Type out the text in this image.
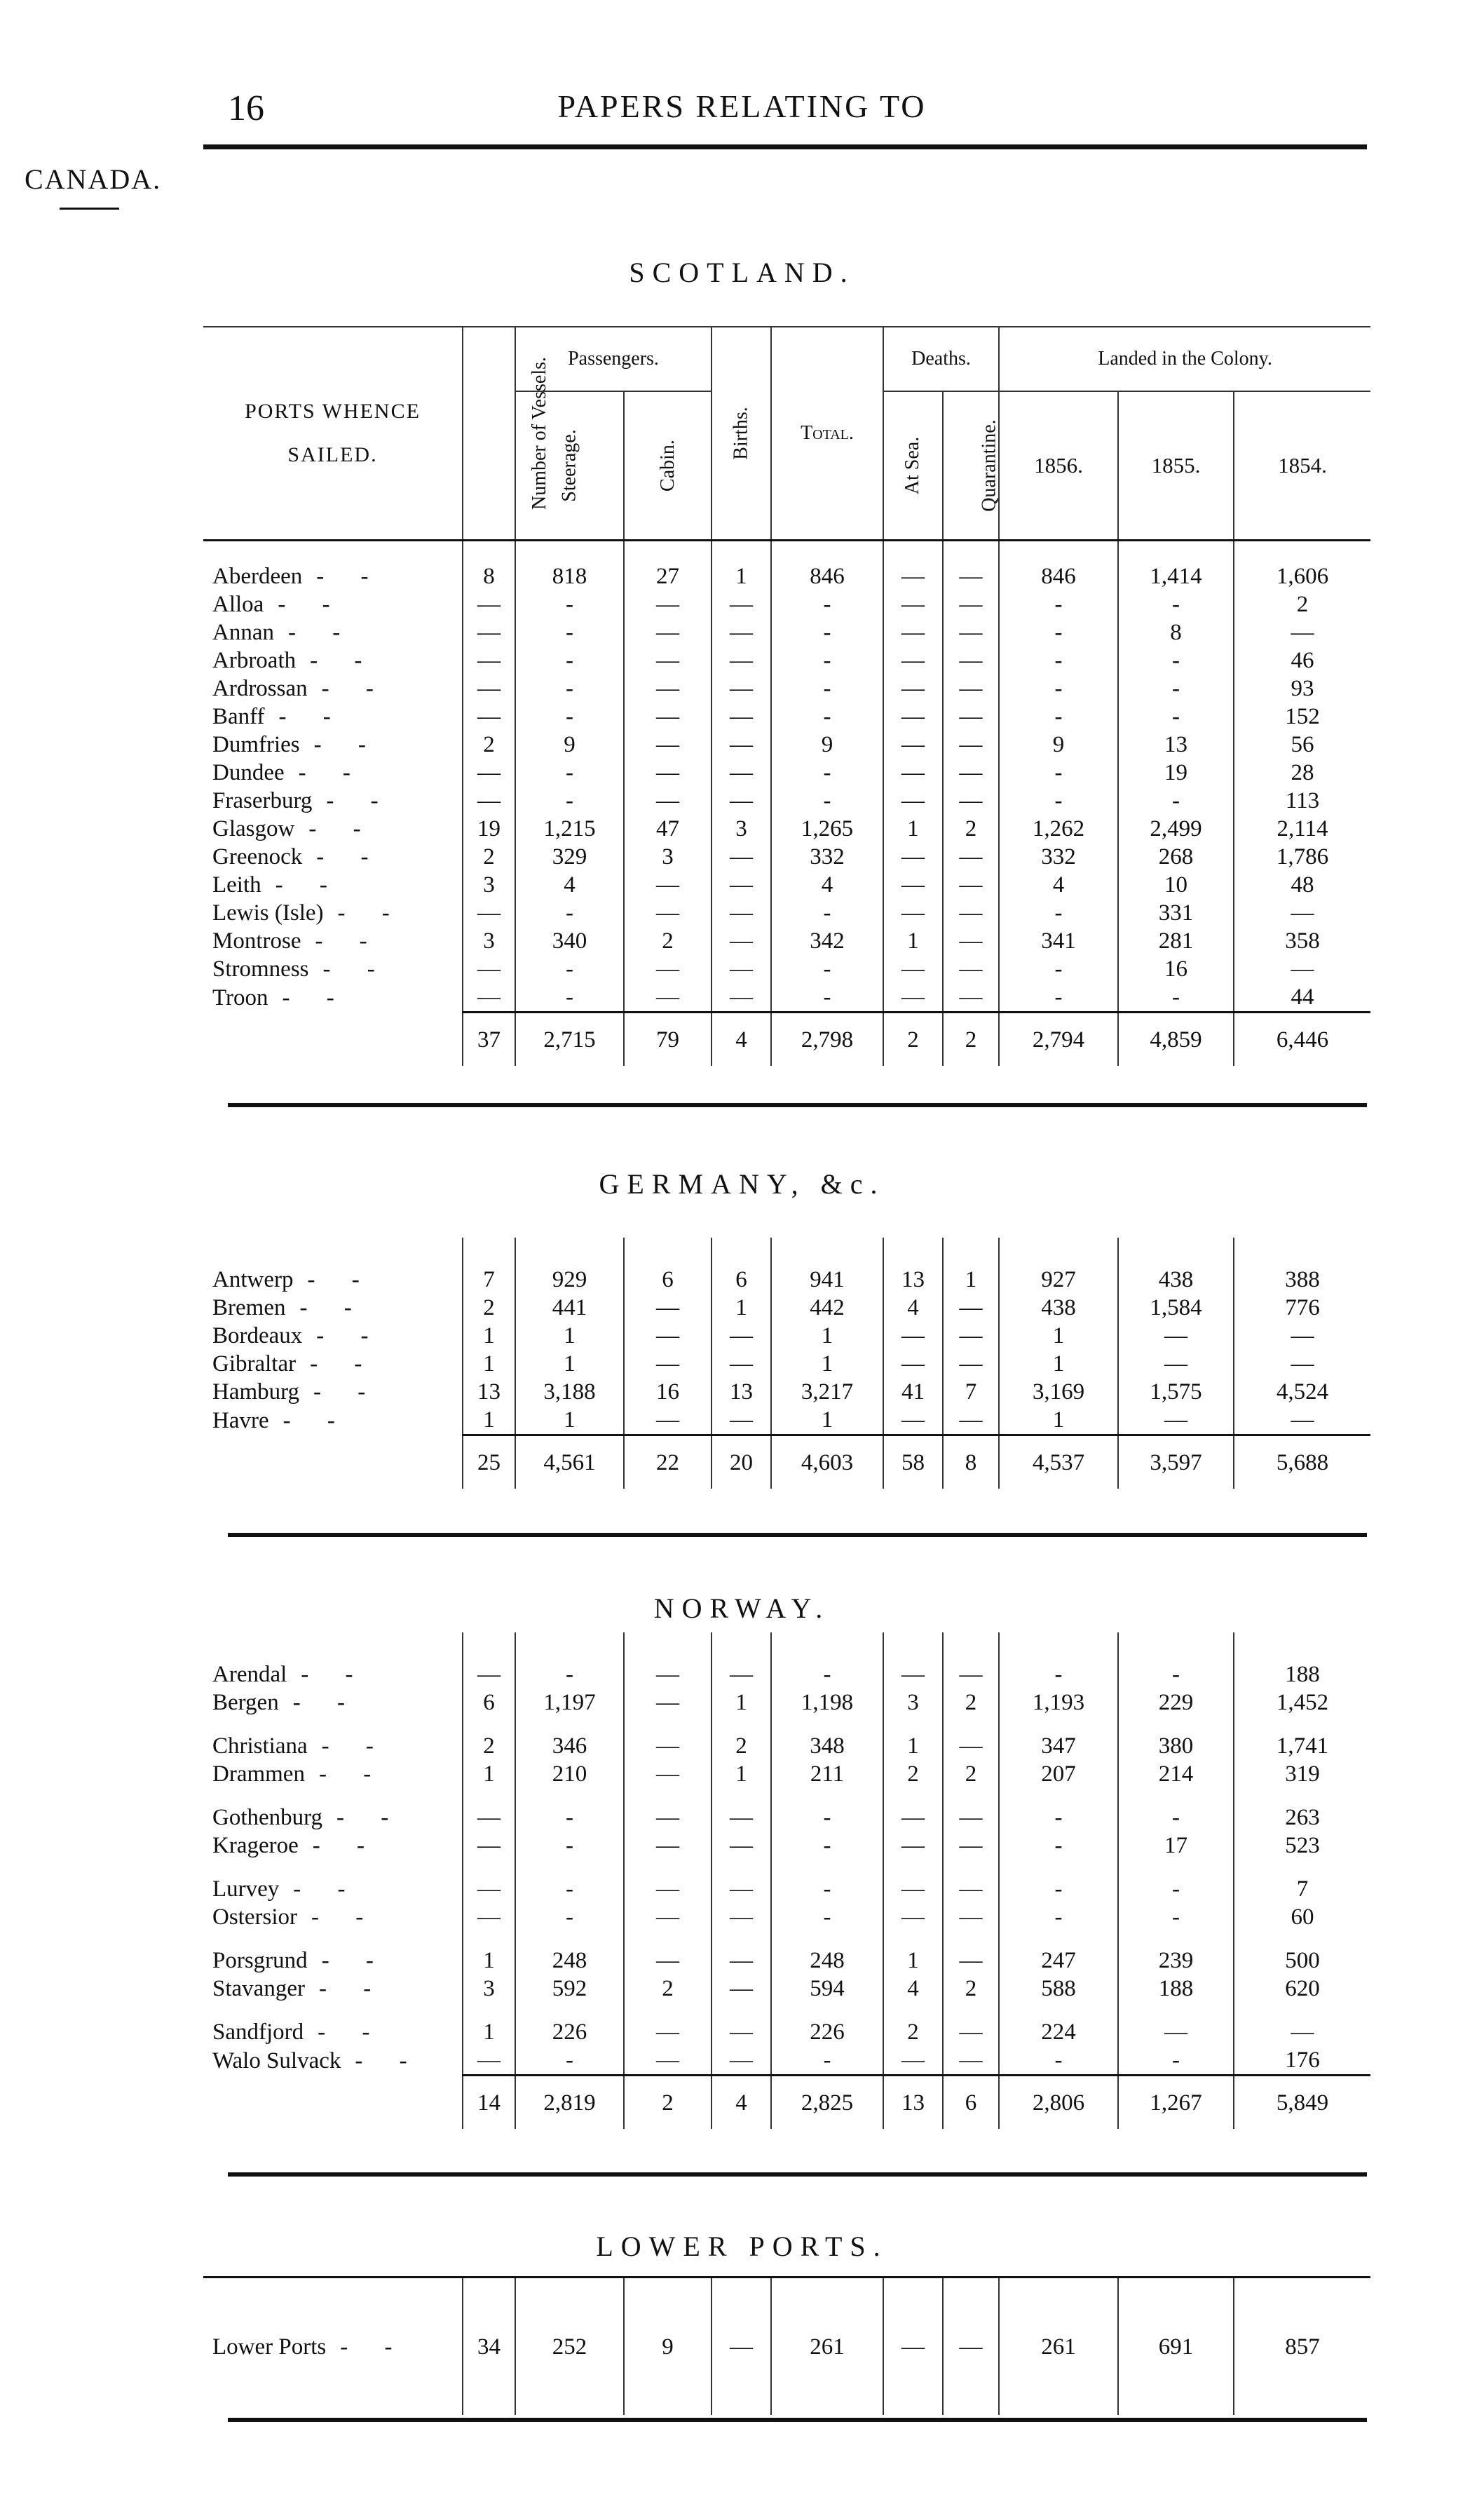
16	PAPERS RELATING TO
CANADA.
SCOTLAND.
PORTS WHENCE
SAILED.	Number of Vessels.	Passengers.		Births.	Total.	Deaths.		Landed in the Colony.		
		Steerage.	Cabin.			At Sea.	Quarantine.	1856.	1855.	1854.

Aberdeen - -	8	818	27	1	846	—	—	846	1,414	1,606
Alloa - -	—	-	—	—	-	—	—	-	-	2
Annan - -	—	-	—	—	-	—	—	-	8	—
Arbroath - -	—	-	—	—	-	—	—	-	-	46
Ardrossan - -	—	-	—	—	-	—	—	-	-	93
Banff - -	—	-	—	—	-	—	—	-	-	152
Dumfries - -	2	9	—	—	9	—	—	9	13	56
Dundee - -	—	-	—	—	-	—	—	-	19	28
Fraserburg - -	—	-	—	—	-	—	—	-	-	113
Glasgow - -	19	1,215	47	3	1,265	1	2	1,262	2,499	2,114
Greenock - -	2	329	3	—	332	—	—	332	268	1,786
Leith - -	3	4	—	—	4	—	—	4	10	48
Lewis (Isle) - -	—	-	—	—	-	—	—	-	331	—
Montrose - -	3	340	2	—	342	1	—	341	281	358
Stromness - -	—	-	—	—	-	—	—	-	16	—
Troon - -	—	-	—	—	-	—	—	-	-	44
	37	2,715	79	4	2,798	2	2	2,794	4,859	6,446
GERMANY, &c.

Antwerp - -	7	929	6	6	941	13	1	927	438	388
Bremen - -	2	441	—	1	442	4	—	438	1,584	776
Bordeaux - -	1	1	—	—	1	—	—	1	—	—
Gibraltar - -	1	1	—	—	1	—	—	1	—	—
Hamburg - -	13	3,188	16	13	3,217	41	7	3,169	1,575	4,524
Havre - -	1	1	—	—	1	—	—	1	—	—
	25	4,561	22	20	4,603	58	8	4,537	3,597	5,688
NORWAY.

Arendal - -	—	-	—	—	-	—	—	-	-	188
Bergen - -	6	1,197	—	1	1,198	3	2	1,193	229	1,452
Christiana - -	2	346	—	2	348	1	—	347	380	1,741
Drammen - -	1	210	—	1	211	2	2	207	214	319
Gothenburg - -	—	-	—	—	-	—	—	-	-	263
Krageroe - -	—	-	—	—	-	—	—	-	17	523
Lurvey - -	—	-	—	—	-	—	—	-	-	7
Ostersior - -	—	-	—	—	-	—	—	-	-	60
Porsgrund - -	1	248	—	—	248	1	—	247	239	500
Stavanger - -	3	592	2	—	594	4	2	588	188	620
Sandfjord - -	1	226	—	—	226	2	—	224	—	—
Walo Sulvack - -	—	-	—	—	-	—	—	-	-	176
	14	2,819	2	4	2,825	13	6	2,806	1,267	5,849
LOWER PORTS.
Lower Ports - -	34	252	9	—	261	—	—	261	691	857
